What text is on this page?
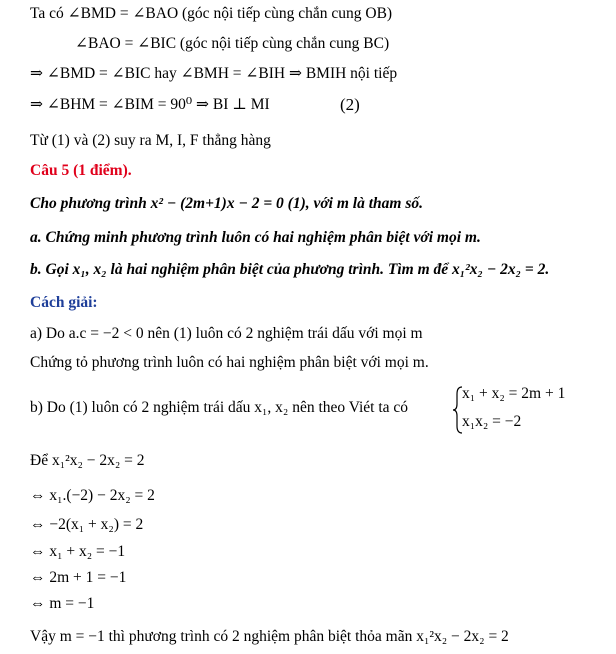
Ta có ∠BMD = ∠BAO (góc nội tiếp cùng chắn cung OB)
∠BAO = ∠BIC (góc nội tiếp cùng chắn cung BC)
⇒ ∠BMD = ∠BIC hay ∠BMH = ∠BIH ⇒ BMIH nội tiếp
⇒ ∠BHM = ∠BIM = 90⁰ ⇒ BI ⊥ MI	(2)
Từ (1) và (2) suy ra M, I, F thẳng hàng
Câu 5 (1 điểm).
Cho phương trình x² − (2m+1)x − 2 = 0 (1), với m là tham số.
a. Chứng minh phương trình luôn có hai nghiệm phân biệt với mọi m.
b. Gọi x₁, x₂ là hai nghiệm phân biệt của phương trình. Tìm m để x₁²x₂ − 2x₂ = 2.
Cách giải:
a) Do a.c = −2 < 0 nên (1) luôn có 2 nghiệm trái dấu với mọi m
Chứng tỏ phương trình luôn có hai nghiệm phân biệt với mọi m.
b) Do (1) luôn có 2 nghiệm trái dấu x₁, x₂ nên theo Viét ta có
x₁ + x₂ = 2m + 1
x₁x₂ = −2
Để x₁²x₂ − 2x₂ = 2
⇔ x₁.(−2) − 2x₂ = 2
⇔ −2(x₁ + x₂) = 2
⇔ x₁ + x₂ = −1
⇔ 2m + 1 = −1
⇔ m = −1
Vậy m = −1 thì phương trình có 2 nghiệm phân biệt thỏa mãn x₁²x₂ − 2x₂ = 2
